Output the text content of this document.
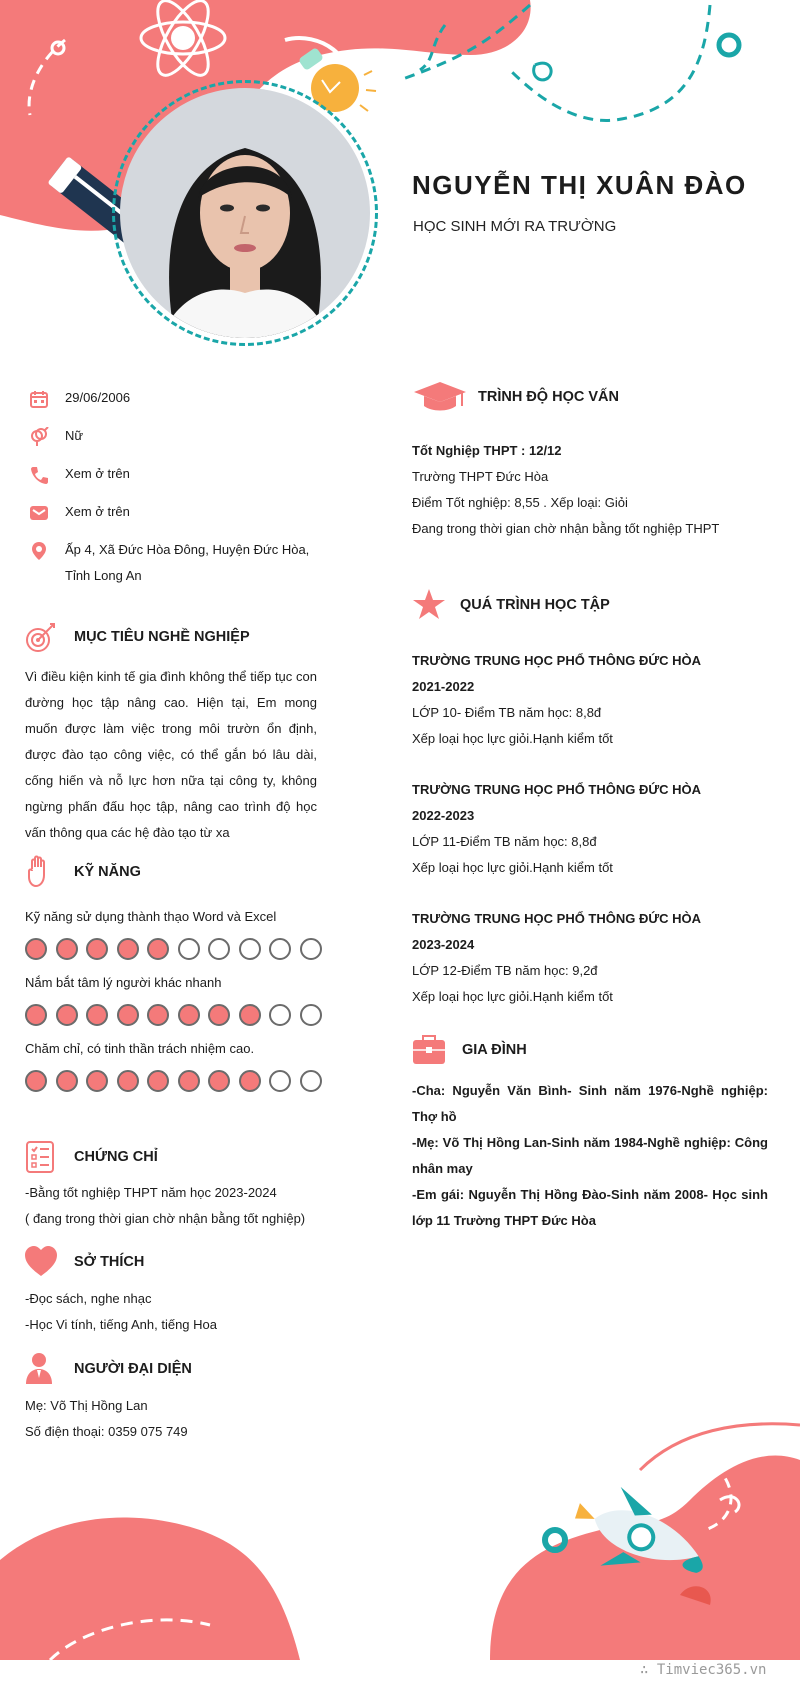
NGUYỄN THỊ XUÂN ĐÀO
HỌC SINH MỚI RA TRƯỜNG
29/06/2006
Nữ
Xem ở trên
Xem ở trên
Ấp 4, Xã Đức Hòa Đông, Huyện Đức Hòa,
Tỉnh Long An
MỤC TIÊU NGHỀ NGHIỆP
Vì điều kiện kinh tế gia đình không thể tiếp tục con đường học tập nâng cao. Hiện tại, Em mong muốn được làm việc trong môi trườn ổn định, được đào tạo công việc, có thể gắn bó lâu dài, cống hiến và nỗ lực hơn nữa tại công ty, không ngừng phấn đấu học tập, nâng cao trình độ học vấn thông qua các hệ đào tạo từ xa
KỸ NĂNG
Kỹ năng sử dụng thành thạo Word và Excel
Nắm bắt tâm lý người khác nhanh
Chăm chỉ, có tinh thần trách nhiệm cao.
CHỨNG CHỈ
-Bằng tốt nghiệp THPT năm học 2023-2024
( đang trong thời gian chờ nhận bằng tốt nghiệp)
SỞ THÍCH
-Đọc sách, nghe nhạc
-Học Vi tính, tiếng Anh, tiếng Hoa
NGƯỜI ĐẠI DIỆN
Mẹ: Võ Thị Hồng Lan
Số điện thoại: 0359 075 749
TRÌNH ĐỘ HỌC VẤN

Tốt Nghiệp THPT : 12/12

Trường THPT Đức Hòa

Điểm Tốt nghiệp: 8,55 . Xếp loại: Giỏi

Đang trong thời gian chờ nhận bằng tốt nghiệp THPT

QUÁ TRÌNH HỌC TẬP

TRƯỜNG TRUNG HỌC PHỔ THÔNG ĐỨC HÒA

2021-2022

LỚP 10- Điểm TB năm học: 8,8đ

Xếp loại học lực giỏi.Hạnh kiểm tốt

TRƯỜNG TRUNG HỌC PHỔ THÔNG ĐỨC HÒA

2022-2023

LỚP 11-Điểm TB năm học: 8,8đ

Xếp loại học lực giỏi.Hạnh kiểm tốt

TRƯỜNG TRUNG HỌC PHỔ THÔNG ĐỨC HÒA

2023-2024

LỚP 12-Điểm TB năm học: 9,2đ

Xếp loại học lực giỏi.Hạnh kiểm tốt

GIA ĐÌNH
-Cha: Nguyễn Văn Bình- Sinh năm 1976-Nghề nghiệp: Thợ hồ
-Mẹ: Võ Thị Hồng Lan-Sinh năm 1984-Nghề nghiệp: Công nhân may
-Em gái: Nguyễn Thị Hồng Đào-Sinh năm 2008- Học sinh lớp 11 Trường THPT Đức Hòa
∴ Timviec365.vn
